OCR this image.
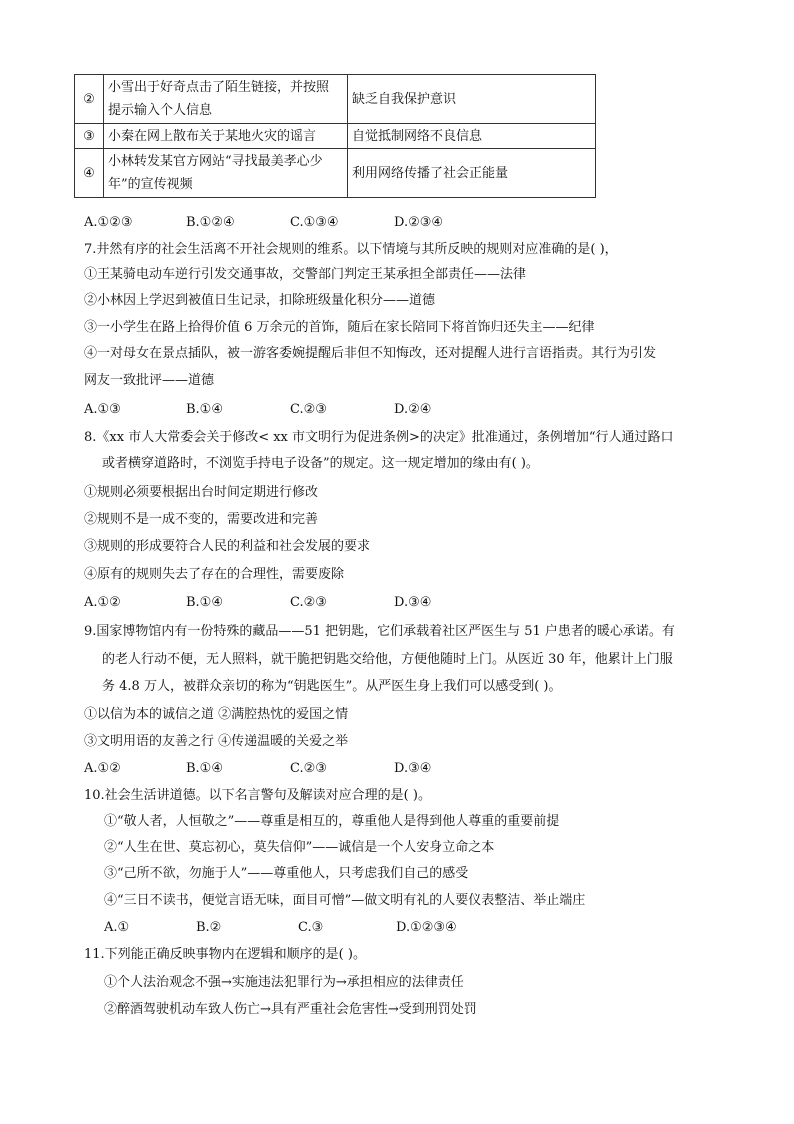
②	小雪出于好奇点击了陌生链接，并按照
提示输入个人信息	缺乏自我保护意识
③	小秦在网上散布关于某地火灾的谣言	自觉抵制网络不良信息
④	小林转发某官方网站“寻找最美孝心少
年”的宣传视频	利用网络传播了社会正能量
A.①②③	B.①②④	C.①③④	D.②③④
7.井然有序的社会生活离不开社会规则的维系。以下情境与其所反映的规则对应准确的是( )，
①王某骑电动车逆行引发交通事故，交警部门判定王某承担全部责任——法律
②小林因上学迟到被值日生记录，扣除班级量化积分——道德
③一小学生在路上拾得价值 6 万余元的首饰，随后在家长陪同下将首饰归还失主——纪律
④一对母女在景点插队，被一游客委婉提醒后非但不知悔改，还对提醒人进行言语指责。其行为引发
网友一致批评——道德
A.①③	B.①④	C.②③	D.②④
8.《xx 市人大常委会关于修改< xx 市文明行为促进条例>的决定》批准通过，条例增加“行人通过路口
或者横穿道路时，不浏览手持电子设备”的规定。这一规定增加的缘由有( )。
①规则必须要根据出台时间定期进行修改
②规则不是一成不变的，需要改进和完善
③规则的形成要符合人民的利益和社会发展的要求
④原有的规则失去了存在的合理性，需要废除
A.①②	B.①④	C.②③	D.③④
9.国家博物馆内有一份特殊的藏品——51 把钥匙，它们承载着社区严医生与 51 户患者的暖心承诺。有
的老人行动不便，无人照料，就干脆把钥匙交给他，方便他随时上门。从医近 30 年，他累计上门服
务 4.8 万人，被群众亲切的称为“钥匙医生”。从严医生身上我们可以感受到( )。
①以信为本的诚信之道 ②满腔热忱的爱国之情
③文明用语的友善之行 ④传递温暖的关爱之举
A.①②	B.①④	C.②③	D.③④
10.社会生活讲道德。以下名言警句及解读对应合理的是( )。
①“敬人者，人恒敬之”——尊重是相互的，尊重他人是得到他人尊重的重要前提
②“人生在世、莫忘初心，莫失信仰”——诚信是一个人安身立命之本
③“己所不欲，勿施于人”——尊重他人，只考虑我们自己的感受
④“三日不读书，便觉言语无味，面目可憎”—做文明有礼的人要仪表整洁、举止端庄
A.①	B.②	C.③	D.①②③④
11.下列能正确反映事物内在逻辑和顺序的是( )。
①个人法治观念不强→实施违法犯罪行为→承担相应的法律责任
②醉酒驾驶机动车致人伤亡→具有严重社会危害性→受到刑罚处罚
